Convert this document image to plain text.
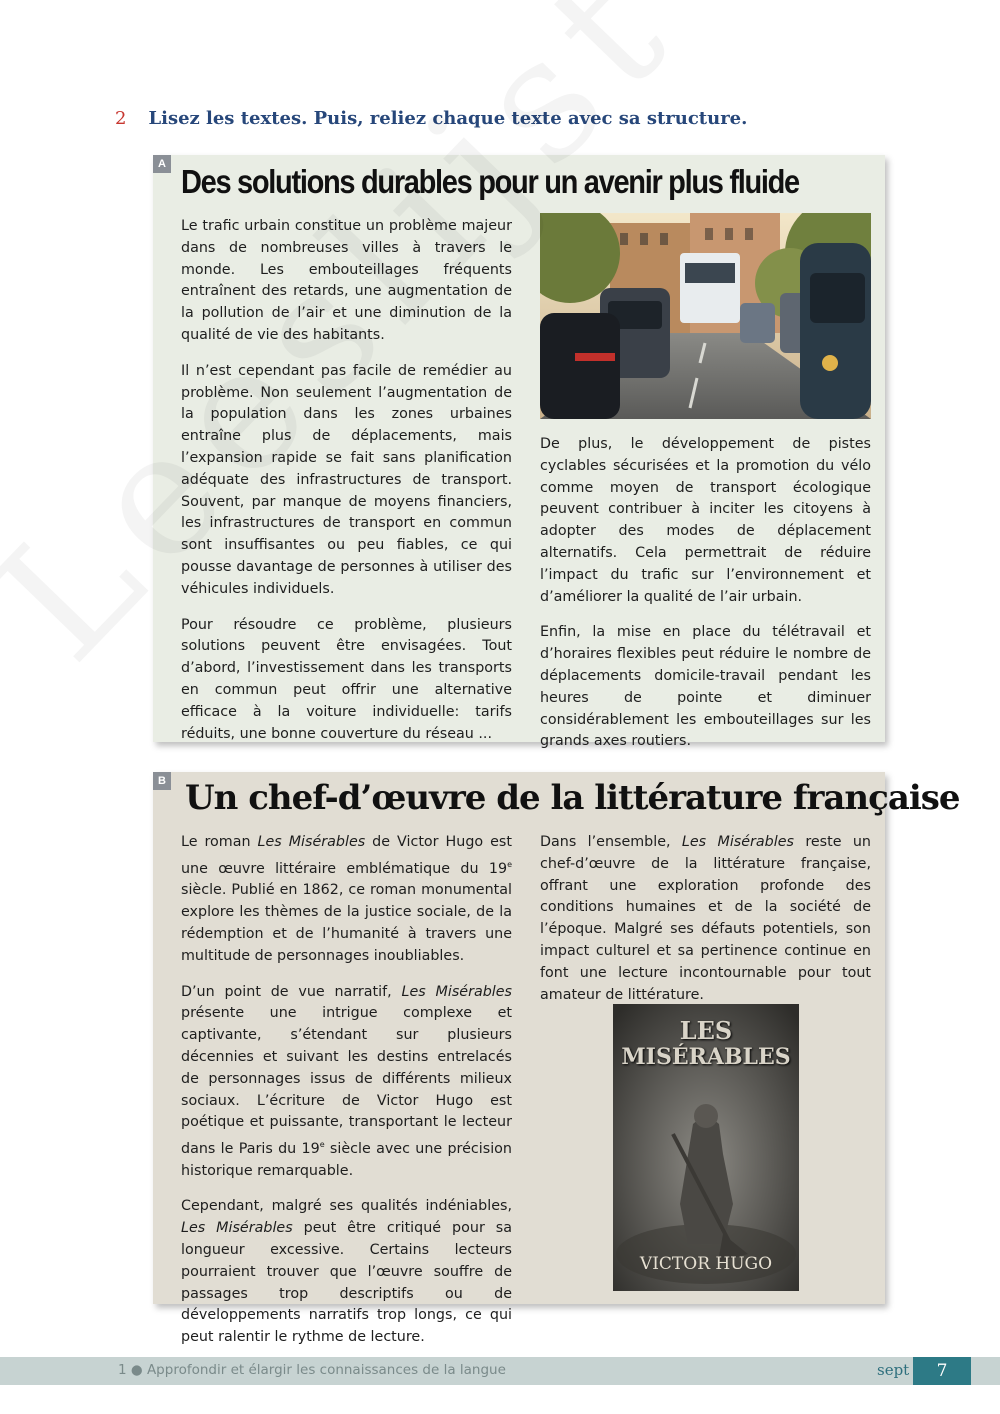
2 Lisez les textes. Puis, reliez chaque texte avec sa structure.
A Des solutions durables pour un avenir plus fluide

Le trafic urbain constitue un problème majeur dans de nombreuses villes à travers le monde. Les embouteillages fréquents entraînent des retards, une augmentation de la pollution de l’air et une diminution de la qualité de vie des habitants.

Il n’est cependant pas facile de remédier au problème. Non seulement l’augmentation de la population dans les zones urbaines entraîne plus de déplacements, mais l’expansion rapide se fait sans planification adéquate des infrastructures de transport. Souvent, par manque de moyens financiers, les infrastructures de transport en commun sont insuffisantes ou peu fiables, ce qui pousse davantage de personnes à utiliser des véhicules individuels.

Pour résoudre ce problème, plusieurs solutions peuvent être envisagées. Tout d’abord, l’investissement dans les transports en commun peut offrir une alternative efficace à la voiture individuelle: tarifs réduits, une bonne couverture du réseau ...

De plus, le développement de pistes cyclables sécurisées et la promotion du vélo comme moyen de transport écologique peuvent contribuer à inciter les citoyens à adopter des modes de déplacement alternatifs. Cela permettrait de réduire l’impact du trafic sur l’environnement et d’améliorer la qualité de l’air urbain.

Enfin, la mise en place du télétravail et d’horaires flexibles peut réduire le nombre de déplacements domicile-travail pendant les heures de pointe et diminuer considérablement les embouteillages sur les grands axes routiers.

B Un chef-d’œuvre de la littérature française

Le roman Les Misérables de Victor Hugo est une œuvre littéraire emblématique du 19e siècle. Publié en 1862, ce roman monumental explore les thèmes de la justice sociale, de la rédemption et de l’humanité à travers une multitude de personnages inoubliables.

D’un point de vue narratif, Les Misérables présente une intrigue complexe et captivante, s’étendant sur plusieurs décennies et suivant les destins entrelacés de personnages issus de différents milieux sociaux. L’écriture de Victor Hugo est poétique et puissante, transportant le lecteur dans le Paris du 19e siècle avec une précision historique remarquable.

Cependant, malgré ses qualités indéniables, Les Misérables peut être critiqué pour sa longueur excessive. Certains lecteurs pourraient trouver que l’œuvre souffre de passages trop descriptifs ou de développements narratifs trop longs, ce qui peut ralentir le rythme de lecture.

Dans l’ensemble, Les Misérables reste un chef-d’œuvre de la littérature française, offrant une exploration profonde des conditions humaines et de la société de l’époque. Malgré ses défauts potentiels, son impact culturel et sa pertinence continue en font une lecture incontournable pour tout amateur de littérature.

LES
MISÉRABLES
VICTOR HUGO
1 ● Approfondir et élargir les connaissances de la langue	sept	7
